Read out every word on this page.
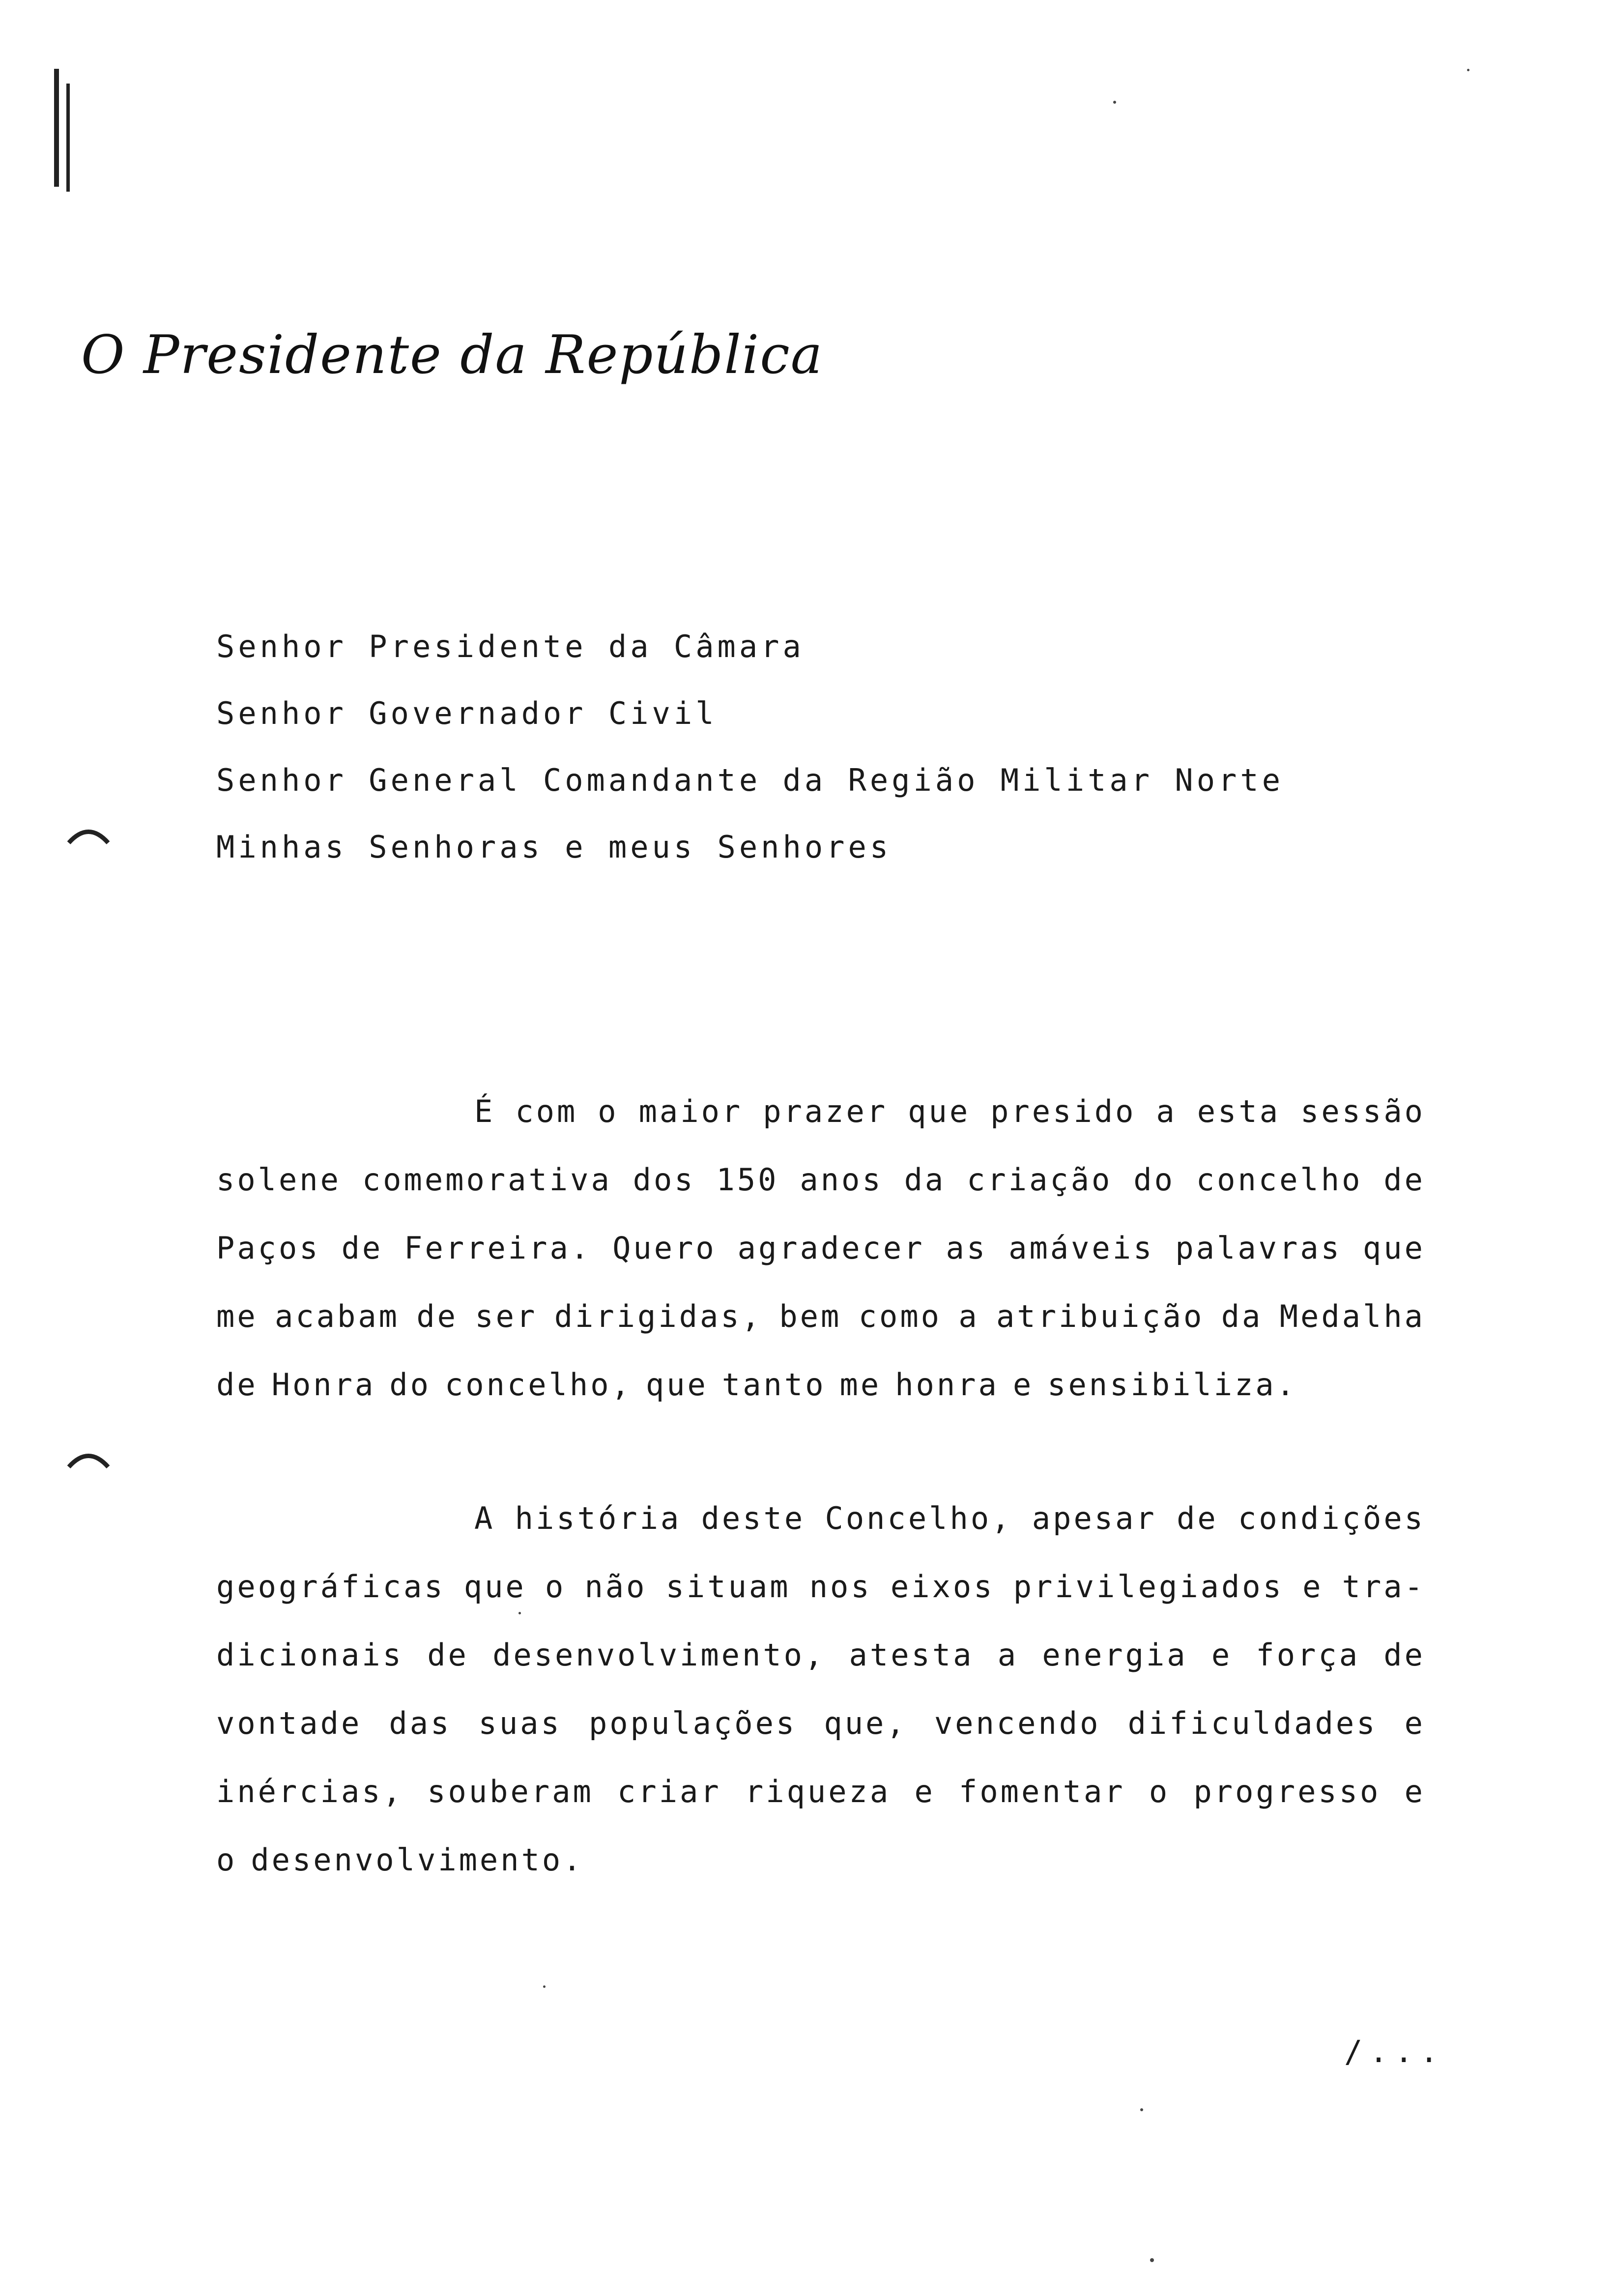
O Presidente da República
Senhor Presidente da Câmara
Senhor Governador Civil
Senhor General Comandante da Região Militar Norte
Minhas Senhoras e meus Senhores
É com o maior prazer que presido a esta sessão
solene comemorativa dos 150 anos da criação do concelho de
Paços de Ferreira. Quero agradecer as amáveis palavras que
me acabam de ser dirigidas, bem como a atribuição da Medalha
de Honra do concelho, que tanto me honra e sensibiliza.
A história deste Concelho, apesar de condições
geográficas que o não situam nos eixos privilegiados e tra-
dicionais de desenvolvimento, atesta a energia e força de
vontade das suas populações que, vencendo dificuldades e
inércias, souberam criar riqueza e fomentar o progresso e
o desenvolvimento.
/...
